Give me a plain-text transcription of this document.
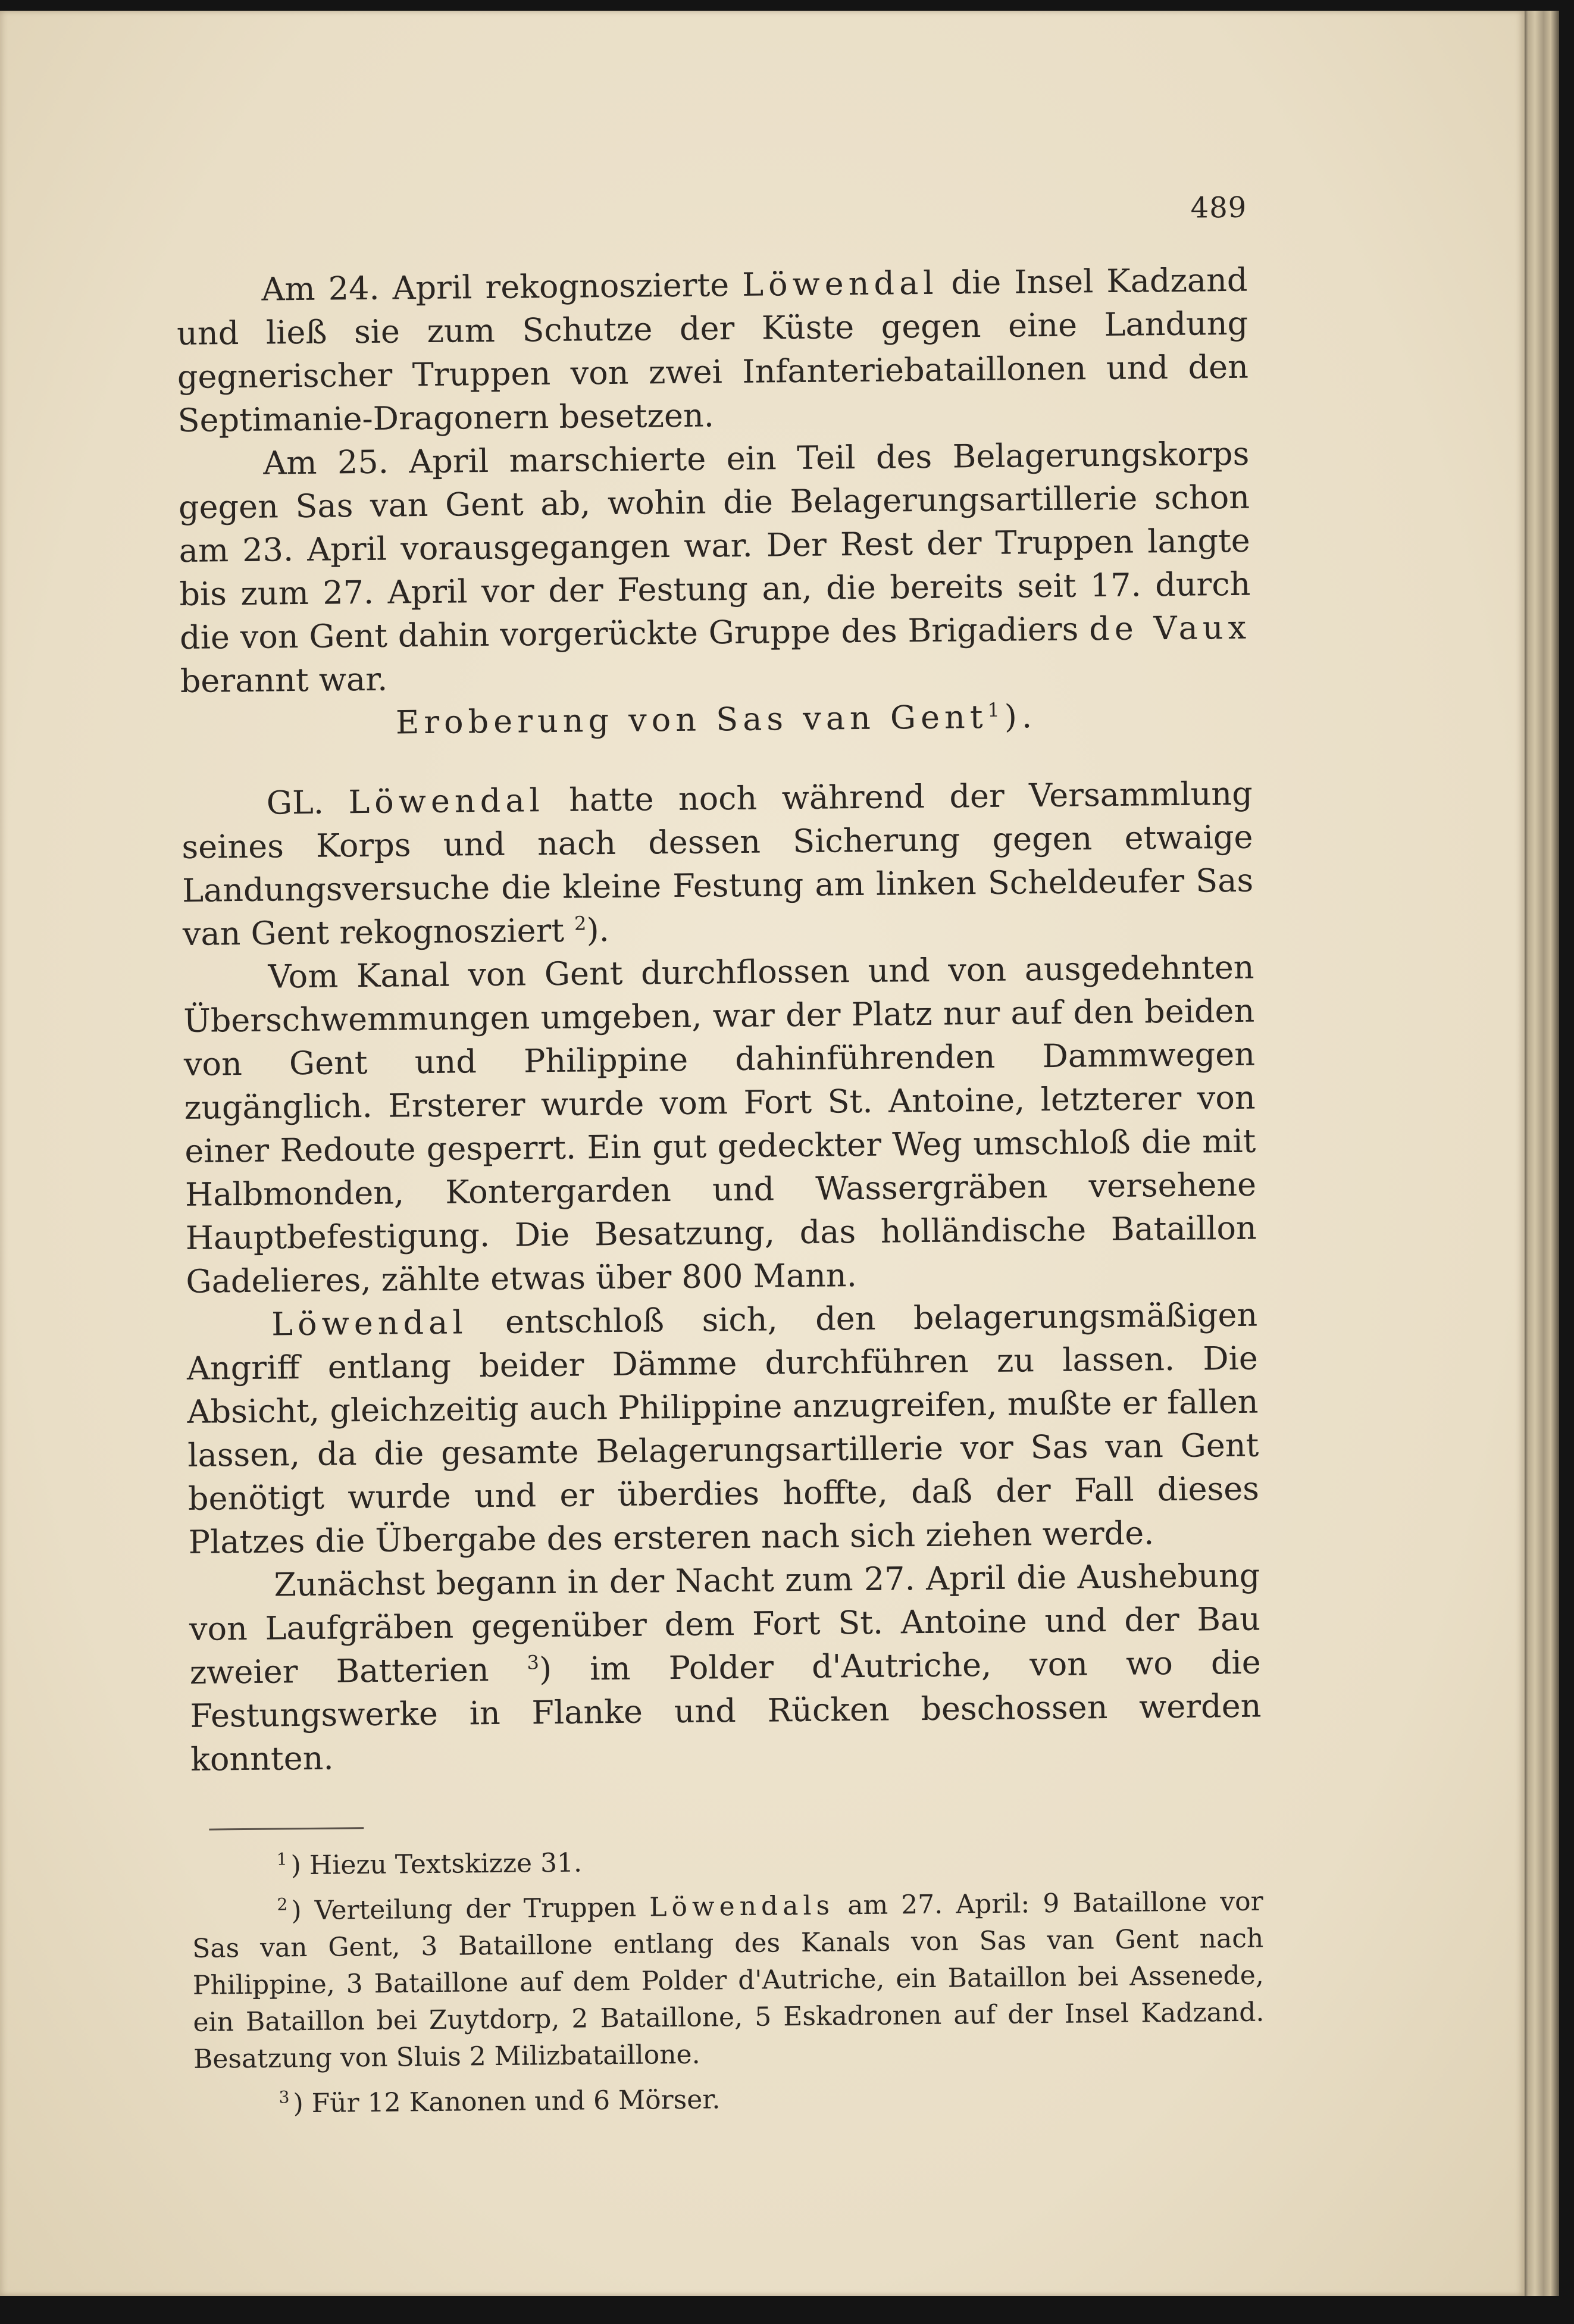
489

Am 24. April rekognoszierte Löwendal die Insel Kadzand und ließ sie zum Schutze der Küste gegen eine Landung gegnerischer Truppen von zwei Infanteriebataillonen und den Septimanie-Dragonern besetzen.

Am 25. April marschierte ein Teil des Belagerungskorps gegen Sas van Gent ab, wohin die Belagerungsartillerie schon am 23. April vorausgegangen war. Der Rest der Truppen langte bis zum 27. April vor der Festung an, die bereits seit 17. durch die von Gent dahin vorgerückte Gruppe des Brigadiers de Vaux berannt war.

Eroberung von Sas van Gent$^1$).

GL. Löwendal hatte noch während der Versammlung seines Korps und nach dessen Sicherung gegen etwaige Landungsversuche die kleine Festung am linken Scheldeufer Sas van Gent rekognosziert $^2$).

Vom Kanal von Gent durchflossen und von ausgedehnten Überschwemmungen umgeben, war der Platz nur auf den beiden von Gent und Philippine dahinführenden Dammwegen zugänglich. Ersterer wurde vom Fort St. Antoine, letzterer von einer Redoute gesperrt. Ein gut gedeckter Weg umschloß die mit Halbmonden, Kontergarden und Wassergräben versehene Hauptbefestigung. Die Besatzung, das holländische Bataillon Gadelieres, zählte etwas über 800 Mann.

Löwendal entschloß sich, den belagerungsmäßigen Angriff entlang beider Dämme durchführen zu lassen. Die Absicht, gleichzeitig auch Philippine anzugreifen, mußte er fallen lassen, da die gesamte Belagerungsartillerie vor Sas van Gent benötigt wurde und er überdies hoffte, daß der Fall dieses Platzes die Übergabe des ersteren nach sich ziehen werde.

Zunächst begann in der Nacht zum 27. April die Aushebung von Laufgräben gegenüber dem Fort St. Antoine und der Bau zweier Batterien $^3$) im Polder d'Autriche, von wo die Festungswerke in Flanke und Rücken beschossen werden konnten.

$^1$ ) Hiezu Textskizze 31.

$^2$ ) Verteilung der Truppen Löwendals am 27. April: 9 Bataillone vor Sas van Gent, 3 Bataillone entlang des Kanals von Sas van Gent nach Philippine, 3 Bataillone auf dem Polder d'Autriche, ein Bataillon bei Assenede, ein Bataillon bei Zuytdorp, 2 Bataillone, 5 Eskadronen auf der Insel Kadzand. Besatzung von Sluis 2 Milizbataillone.

$^3$ ) Für 12 Kanonen und 6 Mörser.
